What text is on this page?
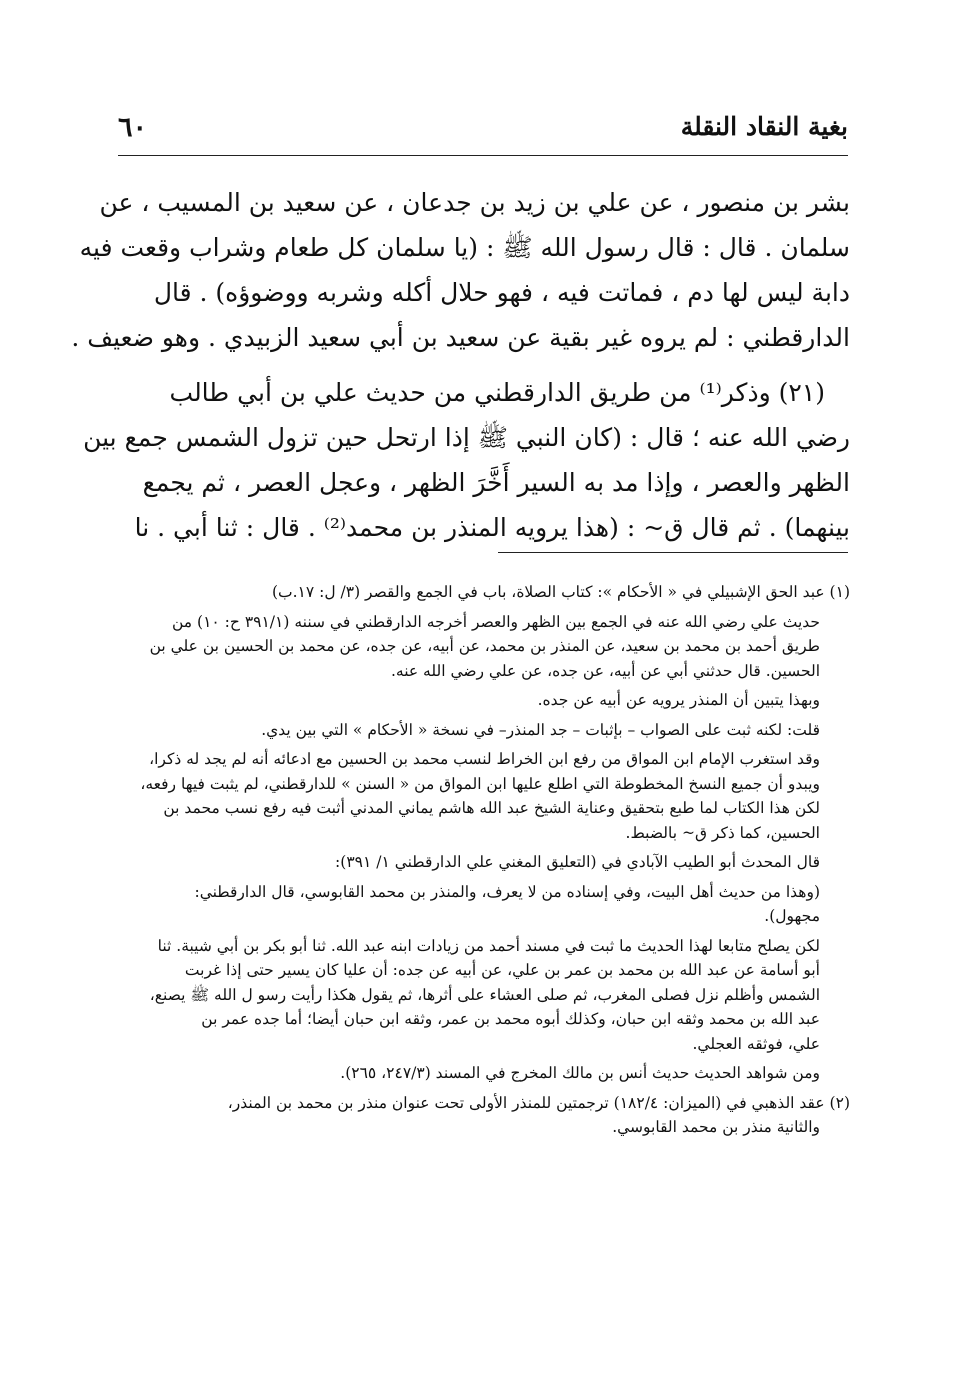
بغية النقاد النقلة
٦٠
بشر بن منصور ، عن علي بن زيد بن جدعان ، عن سعيد بن المسيب ، عن
سلمان . قال : قال رسول الله ﷺ : (يا سلمان كل طعام وشراب وقعت فيه
دابة ليس لها دم ، فماتت فيه ، فهو حلال أكله وشربه ووضوؤه) . قال
الدارقطني : لم يروه غير بقية عن سعيد بن أبي سعيد الزبيدي . وهو ضعيف .
(٢١) وذكر⁽¹⁾ من طريق الدارقطني من حديث علي بن أبي طالب
رضي الله عنه ؛ قال : (كان النبي ﷺ إذا ارتحل حين تزول الشمس جمع بين
الظهر والعصر ، وإذا مد به السير أَخَّرَ الظهر ، وعجل العصر ، ثم يجمع
بينهما) . ثم قال ق~ : (هذا يرويه المنذر بن محمد⁽²⁾ . قال : ثنا أبي . نا
(١) عبد الحق الإشبيلي في « الأحكام »: كتاب الصلاة، باب في الجمع والقصر (٣/ ل: ١٧.ب)
حديث علي رضي الله عنه في الجمع بين الظهر والعصر أخرجه الدارقطني في سننه (٣٩١/١ ح: ١٠) من
طريق أحمد بن محمد بن سعيد، عن المنذر بن محمد، عن أبيه، عن جده، عن محمد بن الحسين بن علي بن
الحسين. قال حدثني أبي عن أبيه، عن جده، عن علي رضي الله عنه.
وبهذا يتبين أن المنذر يرويه عن أبيه عن جده.
قلت: لكنه ثبت على الصواب – بإثبات – جد المنذر– في نسخة « الأحكام » التي بين يدي.
وقد استغرب الإمام ابن المواق من رفع ابن الخراط لنسب محمد بن الحسين مع ادعائه أنه لم يجد له ذكرا،
ويبدو أن جميع النسخ المخطوطة التي اطلع عليها ابن المواق من « السنن » للدارقطني، لم يثبت فيها رفعه،
لكن هذا الكتاب لما طبع بتحقيق وعناية الشيخ عبد الله هاشم يماني المدني أثبت فيه رفع نسب محمد بن
الحسين، كما ذكر ق~ بالضبط.
قال المحدث أبو الطيب الآبادي في (التعليق المغني علي الدارقطني ١/ ٣٩١):
(وهذا من حديث أهل البيت، وفي إسناده من لا يعرف، والمنذر بن محمد القابوسي، قال الدارقطني:
مجهول).
لكن يصلح متابعا لهذا الحديث ما ثبت في مسند أحمد من زيادات ابنه عبد الله. ثنا أبو بكر بن أبي شيبة. ثنا
أبو أسامة عن عبد الله بن محمد بن عمر بن علي، عن أبيه عن جده: أن عليا كان يسير حتى إذا غربت
الشمس وأظلم نزل فصلى المغرب، ثم صلى العشاء على أثرها، ثم يقول هكذا رأيت رسو ل الله ﷺ يصنع،
عبد الله بن محمد وثقه ابن حبان، وكذلك أبوه محمد بن عمر، وثقه ابن حبان أيضا؛ أما جده عمر بن
علي، فوثقه العجلي.
ومن شواهد الحديث حديث أنس بن مالك المخرج في المسند (٢٤٧/٣، ٢٦٥).
(٢) عقد الذهبي في (الميزان: ١٨٢/٤) ترجمتين للمنذر الأولى تحت عنوان منذر بن محمد بن المنذر،
والثانية منذر بن محمد القابوسي.
